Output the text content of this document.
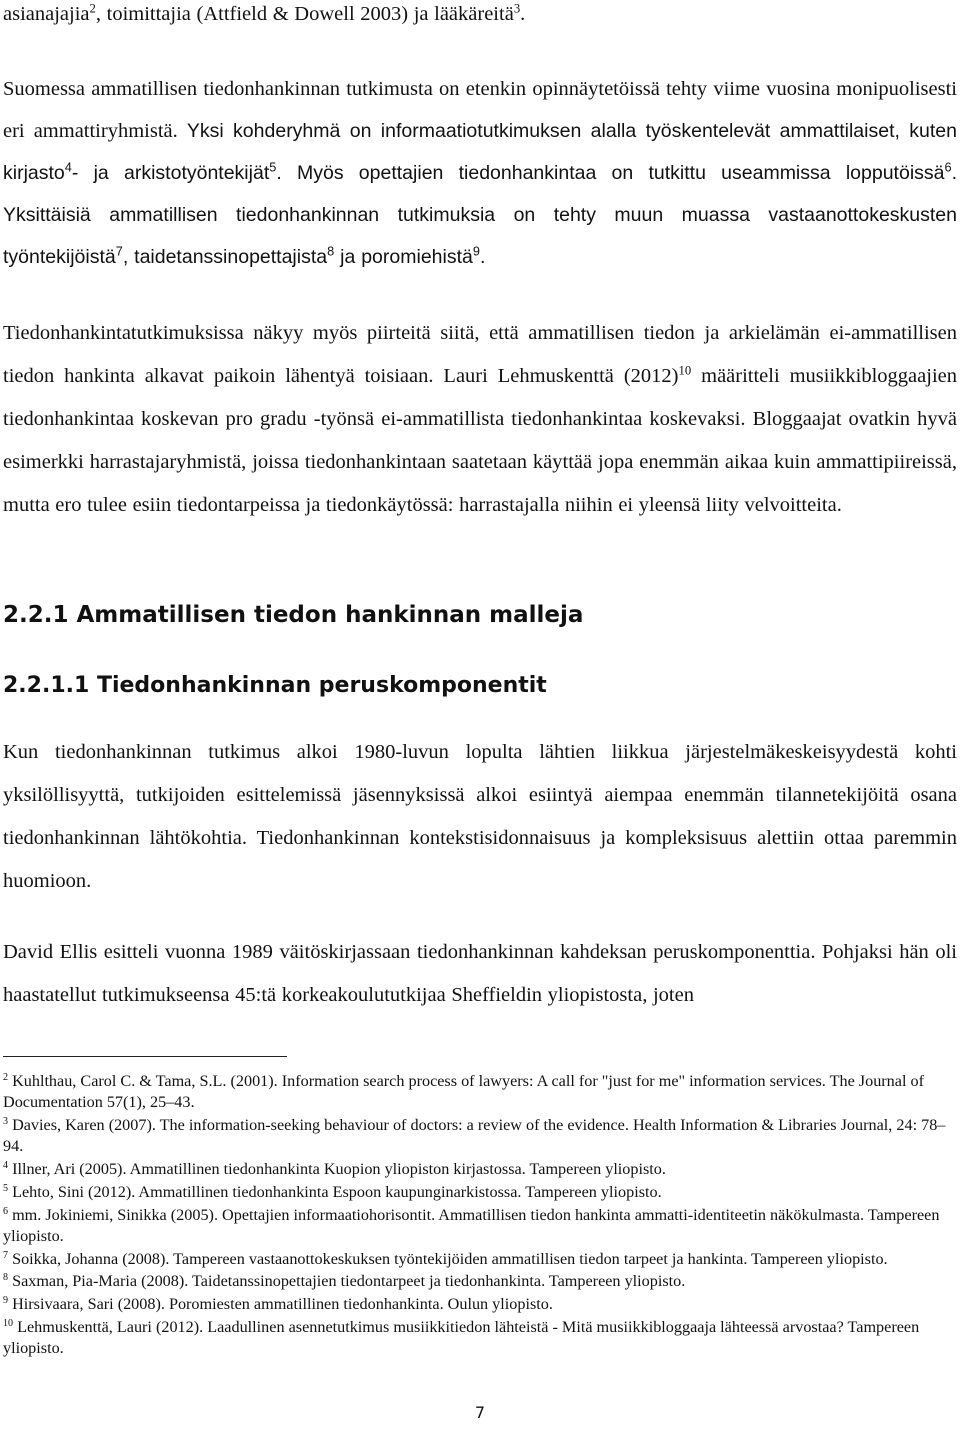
asianajajia$^2$, toimittajia (Attfield & Dowell 2003) ja lääkäreitä$^3$.

Suomessa ammatillisen tiedonhankinnan tutkimusta on etenkin opinnäytetöissä tehty viime vuosina monipuolisesti eri ammattiryhmistä. Yksi kohderyhmä on informaatiotutkimuksen alalla työskentelevät ammattilaiset, kuten kirjasto$^4$- ja arkistotyöntekijät$^5$. Myös opettajien tiedonhankintaa on tutkittu useammissa lopputöissä$^6$. Yksittäisiä ammatillisen tiedonhankinnan tutkimuksia on tehty muun muassa vastaanottokeskusten työntekijöistä$^7$, taidetanssinopettajista$^8$ ja poromiehistä$^9$.

Tiedonhankintatutkimuksissa näkyy myös piirteitä siitä, että ammatillisen tiedon ja arkielämän ei-ammatillisen tiedon hankinta alkavat paikoin lähentyä toisiaan. Lauri Lehmuskenttä $(2012)^{10}$ määritteli musiikkibloggaajien tiedonhankintaa koskevan pro gradu -työnsä ei-ammatillista tiedonhankintaa koskevaksi. Bloggaajat ovatkin hyvä esimerkki harrastajaryhmistä, joissa tiedonhankintaan saatetaan käyttää jopa enemmän aikaa kuin ammattipiireissä, mutta ero tulee esiin tiedontarpeissa ja tiedonkäytössä: harrastajalla niihin ei yleensä liity velvoitteita.

2.2.1 Ammatillisen tiedon hankinnan malleja
2.2.1.1 Tiedonhankinnan peruskomponentit

Kun tiedonhankinnan tutkimus alkoi 1980-luvun lopulta lähtien liikkua järjestelmäkeskeisyydestä kohti yksilöllisyyttä, tutkijoiden esittelemissä jäsennyksissä alkoi esiintyä aiempaa enemmän tilannetekijöitä osana tiedonhankinnan lähtökohtia. Tiedonhankinnan kontekstisidonnaisuus ja kompleksisuus alettiin ottaa paremmin huomioon.

David Ellis esitteli vuonna 1989 väitöskirjassaan tiedonhankinnan kahdeksan peruskomponenttia. Pohjaksi hän oli haastatellut tutkimukseensa 45:tä korkeakoulututkijaa Sheffieldin yliopistosta, joten

$^2$ Kuhlthau, Carol C. & Tama, S.L. (2001). Information search process of lawyers: A call for "just for me" information services. The Journal of Documentation 57(1), 25–43.

$^3$ Davies, Karen (2007). The information-seeking behaviour of doctors: a review of the evidence. Health Information & Libraries Journal, 24: 78–94.

$^4$ Illner, Ari (2005). Ammatillinen tiedonhankinta Kuopion yliopiston kirjastossa. Tampereen yliopisto.

$^5$ Lehto, Sini (2012). Ammatillinen tiedonhankinta Espoon kaupunginarkistossa. Tampereen yliopisto.

$^6$ mm. Jokiniemi, Sinikka (2005). Opettajien informaatiohorisontit. Ammatillisen tiedon hankinta ammatti-identiteetin näkökulmasta. Tampereen yliopisto.

$^7$ Soikka, Johanna (2008). Tampereen vastaanottokeskuksen työntekijöiden ammatillisen tiedon tarpeet ja hankinta. Tampereen yliopisto.

$^8$ Saxman, Pia-Maria (2008). Taidetanssinopettajien tiedontarpeet ja tiedonhankinta. Tampereen yliopisto.

$^9$ Hirsivaara, Sari (2008). Poromiesten ammatillinen tiedonhankinta. Oulun yliopisto.

$^{10}$ Lehmuskenttä, Lauri (2012). Laadullinen asennetutkimus musiikkitiedon lähteistä - Mitä musiikkibloggaaja lähteessä arvostaa? Tampereen yliopisto.

7
